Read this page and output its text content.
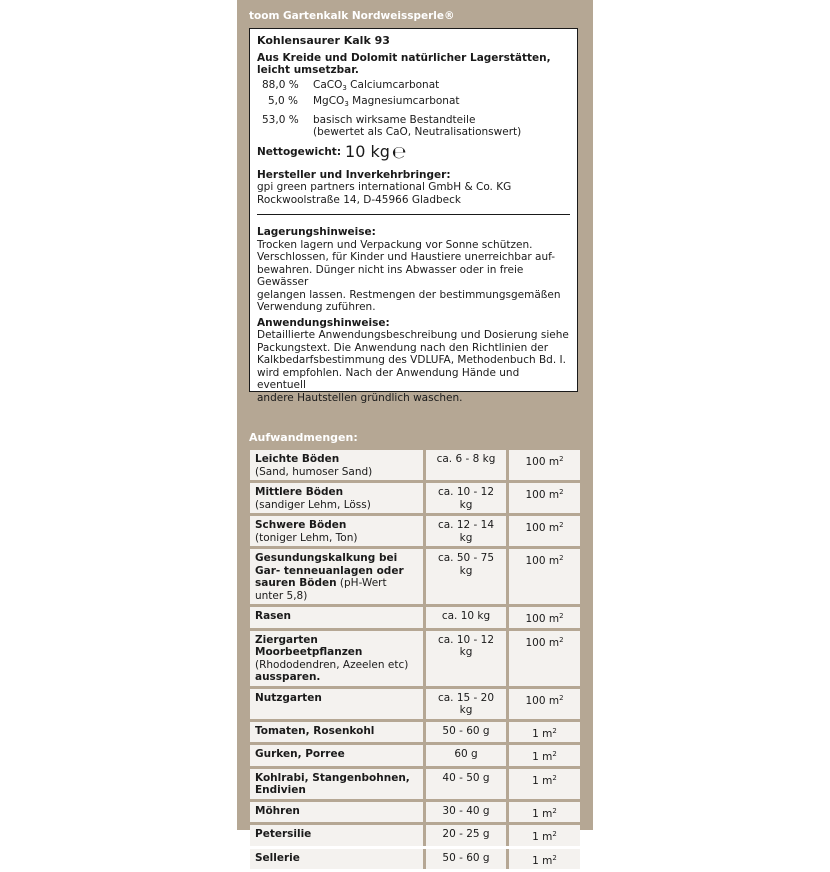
toom Gartenkalk Nordweissperle®
Kohlensaurer Kalk 93
Aus Kreide und Dolomit natürlicher Lagerstätten, leicht umsetzbar.
88,0 %	CaCO$_3$ Calciumcarbonat
5,0 %	MgCO$_3$ Magnesiumcarbonat
53,0 %	basisch wirksame Bestandteile
(bewertet als CaO, Neutralisationswert)
Nettogewicht: 10 kg ℮
Hersteller und Inverkehrbringer:
gpi green partners international GmbH & Co. KG
Rockwoolstraße 14, D-45966 Gladbeck
Lagerungshinweise:
Trocken lagern und Verpackung vor Sonne schützen.
Verschlossen, für Kinder und Haustiere unerreichbar auf-
bewahren. Dünger nicht ins Abwasser oder in freie Gewässer
gelangen lassen. Restmengen der bestimmungsgemäßen
Verwendung zuführen.
Anwendungshinweise:
Detaillierte Anwendungsbeschreibung und Dosierung siehe
Packungstext. Die Anwendung nach den Richtlinien der
Kalkbedarfsbestimmung des VDLUFA, Methodenbuch Bd. I.
wird empfohlen. Nach der Anwendung Hände und eventuell
andere Hautstellen gründlich waschen.
Aufwandmengen:
Leichte Böden
(Sand, humoser Sand)	ca. 6 - 8 kg	100 $m^2$
Mittlere Böden
(sandiger Lehm, Löss)	ca. 10 - 12 kg	100 $m^2$
Schwere Böden
(toniger Lehm, Ton)	ca. 12 - 14 kg	100 $m^2$
Gesundungskalkung bei Gar- tenneuanlagen oder sauren Böden (pH-Wert unter 5,8)	ca. 50 - 75 kg	100 $m^2$
Rasen	ca. 10 kg	100 $m^2$
Ziergarten Moorbeetpflanzen
(Rhododendren, Azeelen etc)
aussparen.	ca. 10 - 12 kg	100 $m^2$
Nutzgarten	ca. 15 - 20 kg	100 $m^2$
Tomaten, Rosenkohl	50 - 60 g	1 $m^2$
Gurken, Porree	60 g	1 $m^2$
Kohlrabi, Stangenbohnen, Endivien	40 - 50 g	1 $m^2$
Möhren	30 - 40 g	1 $m^2$
Petersilie	20 - 25 g	1 $m^2$
Sellerie	50 - 60 g	1 $m^2$
